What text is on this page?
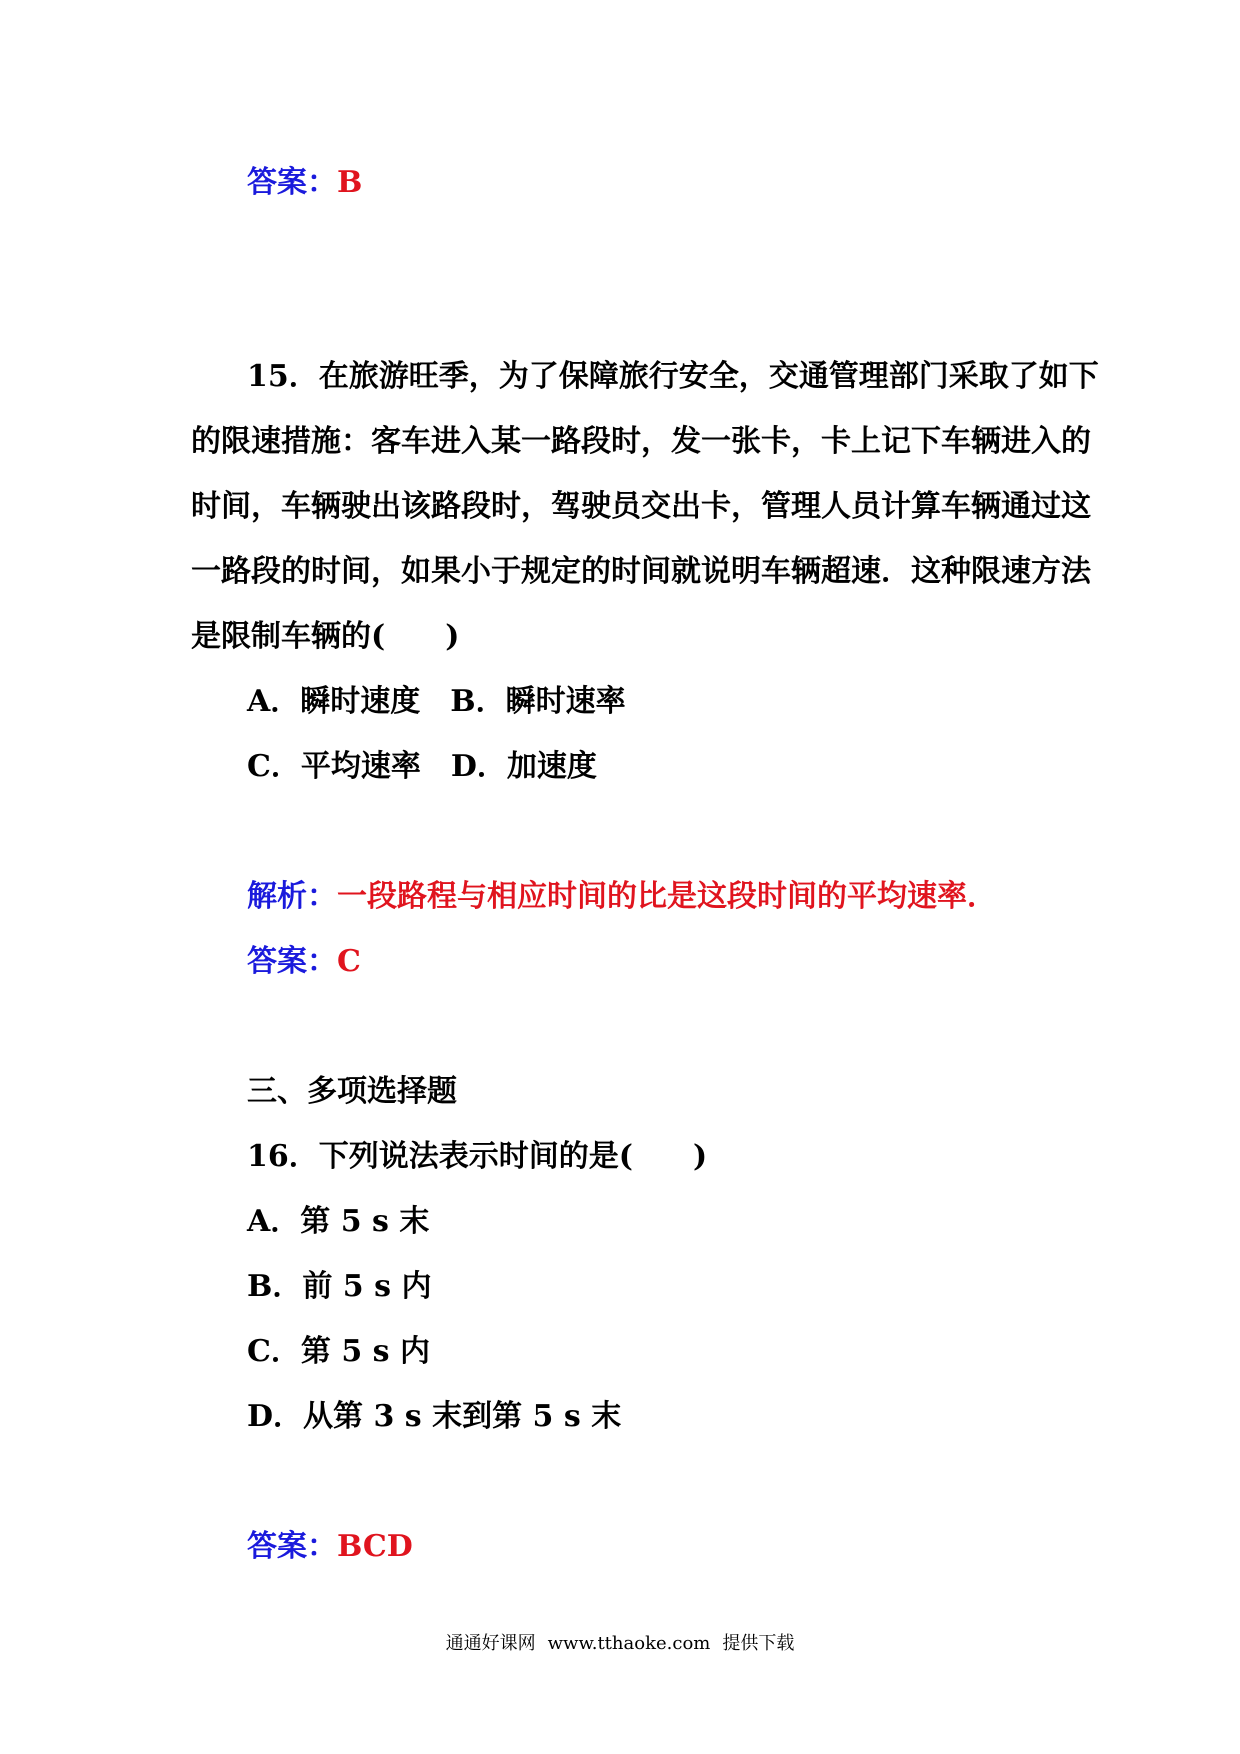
答案：B
15．在旅游旺季，为了保障旅行安全，交通管理部门采取了如下
的限速措施：客车进入某一路段时，发一张卡，卡上记下车辆进入的
时间，车辆驶出该路段时，驾驶员交出卡，管理人员计算车辆通过这
一路段的时间，如果小于规定的时间就说明车辆超速．这种限速方法
是限制车辆的(　　)
A．瞬时速度　B．瞬时速率
C．平均速率　D．加速度
解析：一段路程与相应时间的比是这段时间的平均速率．
答案：C
三、多项选择题
16．下列说法表示时间的是(　　)
A．第 5 s 末
B．前 5 s 内
C．第 5 s 内
D．从第 3 s 末到第 5 s 末
答案：BCD
通通好课网 www.tthaoke.com 提供下载
